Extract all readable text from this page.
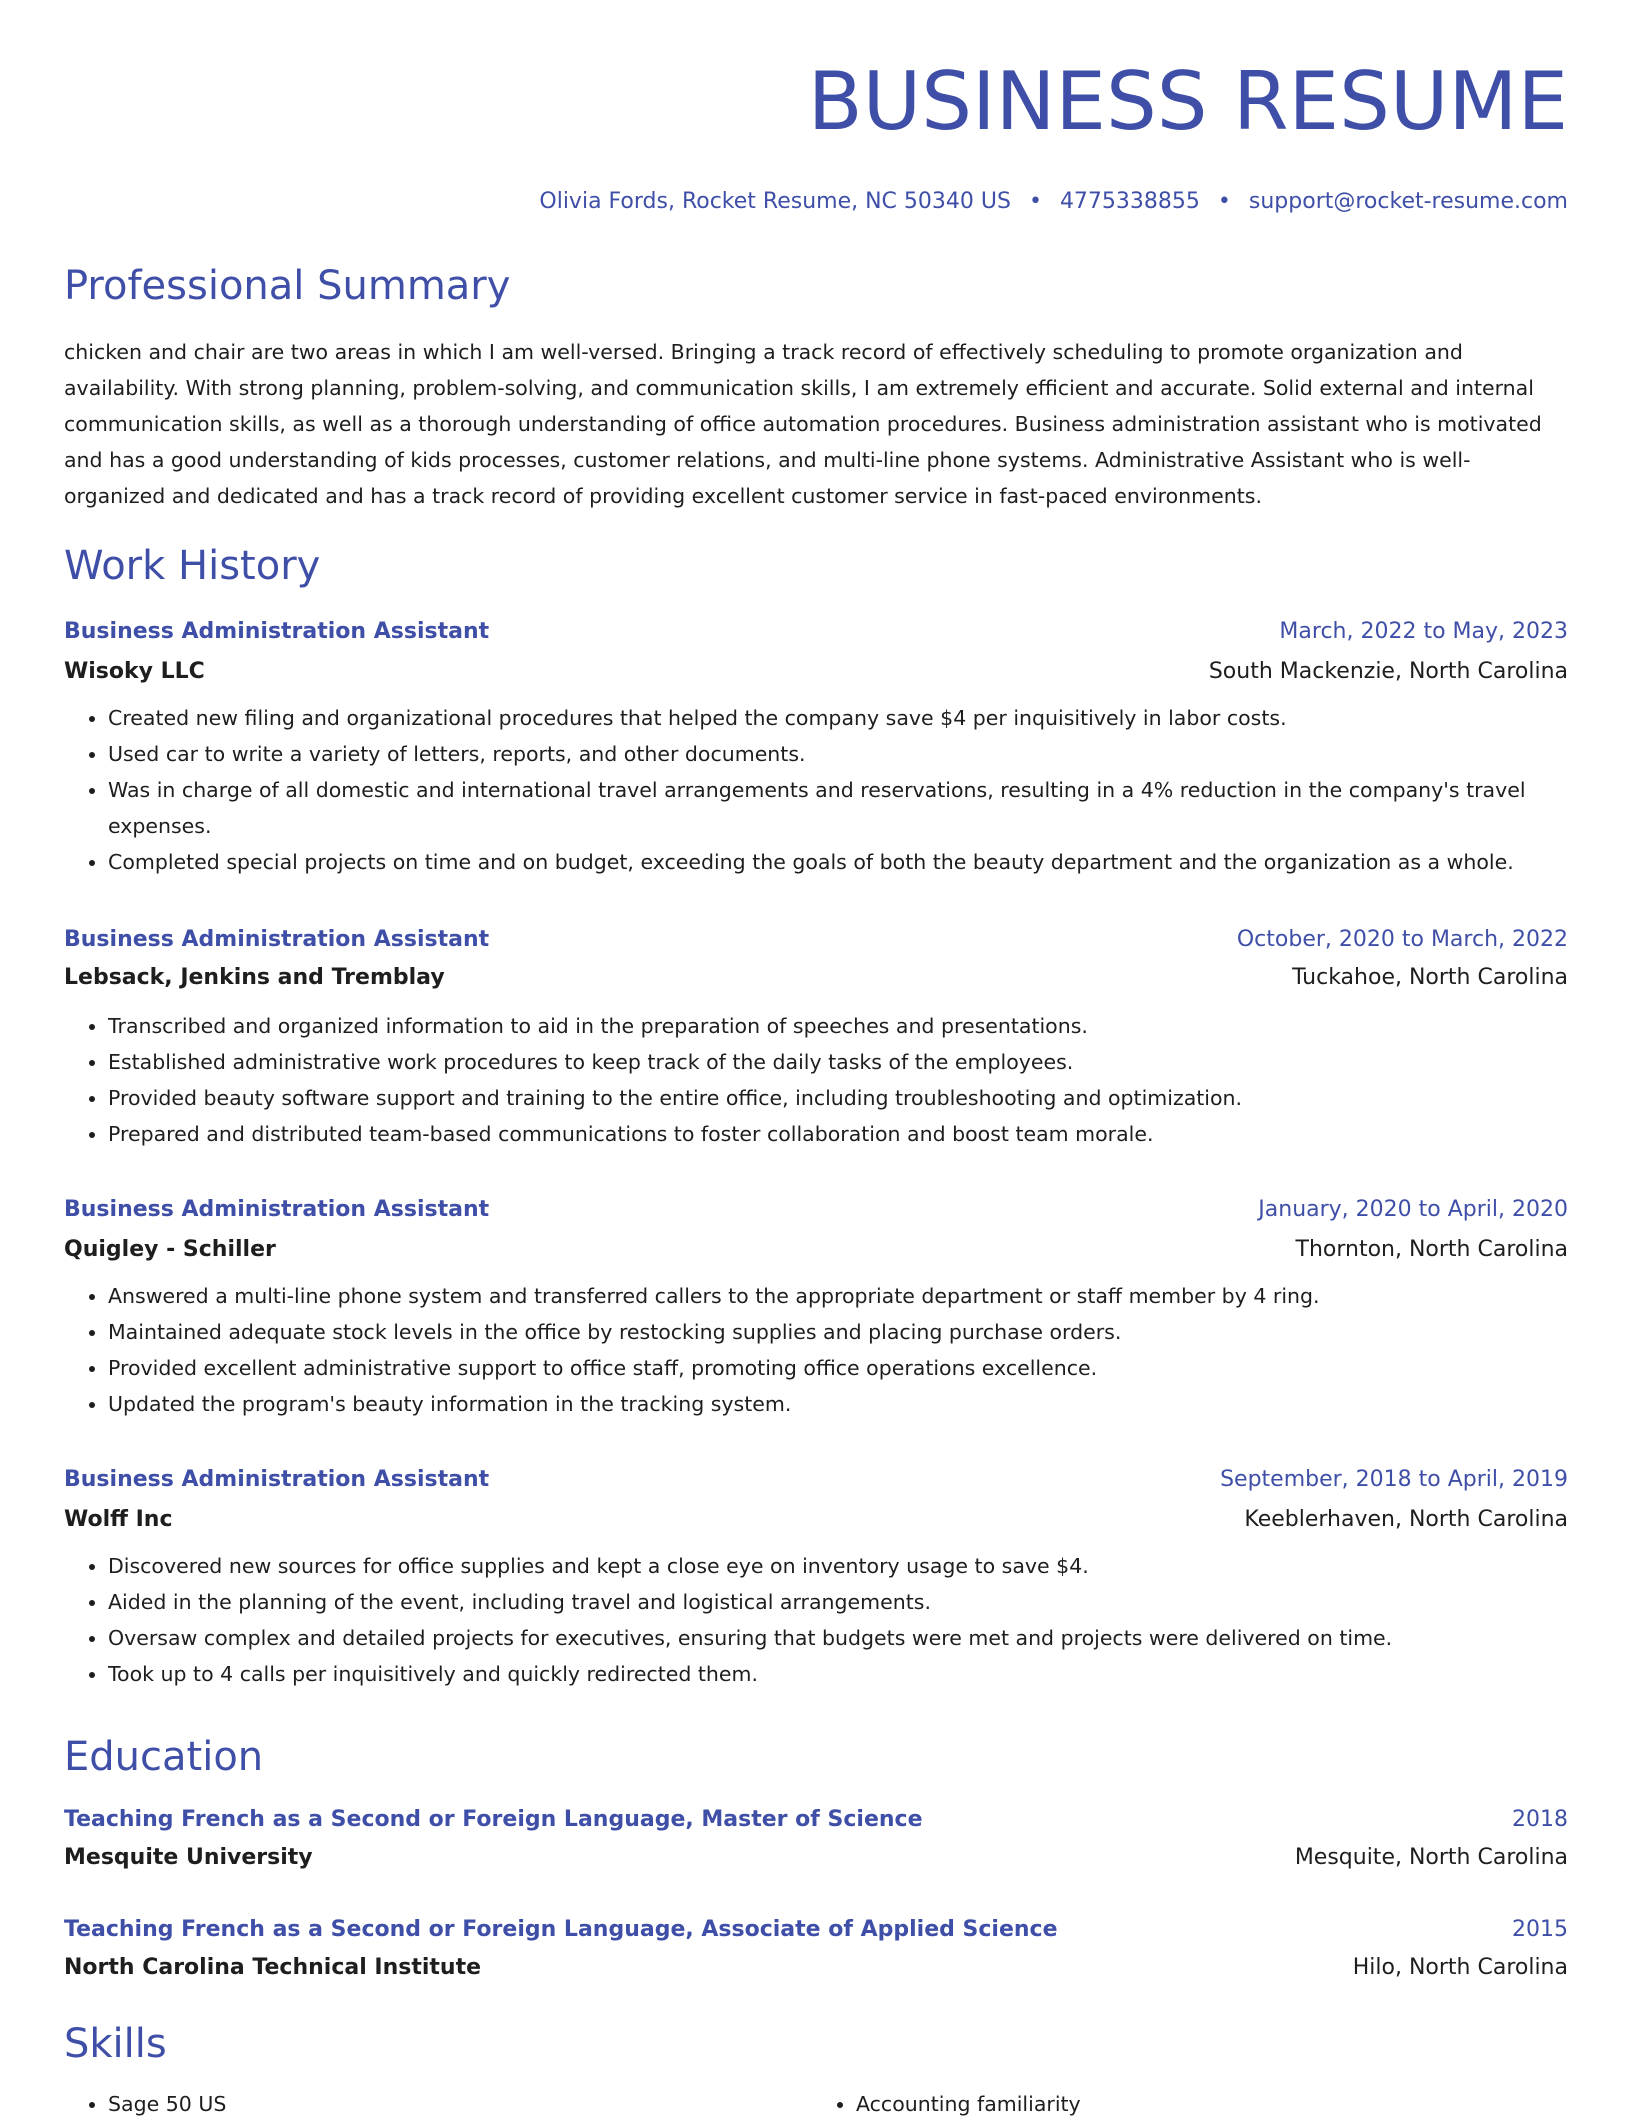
BUSINESS RESUME
Olivia Fords, Rocket Resume, NC 50340 US • 4775338855 • support@rocket-resume.com
Professional Summary

chicken and chair are two areas in which I am well-versed. Bringing a track record of effectively scheduling to promote organization and availability. With strong planning, problem-solving, and communication skills, I am extremely efficient and accurate. Solid external and internal communication skills, as well as a thorough understanding of office automation procedures. Business administration assistant who is motivated and has a good understanding of kids processes, customer relations, and multi-line phone systems. Administrative Assistant who is well-organized and dedicated and has a track record of providing excellent customer service in fast-paced environments.

Work History
Business Administration Assistant	March, 2022 to May, 2023
Wisoky LLC	South Mackenzie, North Carolina
• Created new filing and organizational procedures that helped the company save $4 per inquisitively in labor costs.
• Used car to write a variety of letters, reports, and other documents.
• Was in charge of all domestic and international travel arrangements and reservations, resulting in a 4% reduction in the company's travel expenses.
• Completed special projects on time and on budget, exceeding the goals of both the beauty department and the organization as a whole.
Business Administration Assistant	October, 2020 to March, 2022
Lebsack, Jenkins and Tremblay	Tuckahoe, North Carolina
• Transcribed and organized information to aid in the preparation of speeches and presentations.
• Established administrative work procedures to keep track of the daily tasks of the employees.
• Provided beauty software support and training to the entire office, including troubleshooting and optimization.
• Prepared and distributed team-based communications to foster collaboration and boost team morale.
Business Administration Assistant	January, 2020 to April, 2020
Quigley - Schiller	Thornton, North Carolina
• Answered a multi-line phone system and transferred callers to the appropriate department or staff member by 4 ring.
• Maintained adequate stock levels in the office by restocking supplies and placing purchase orders.
• Provided excellent administrative support to office staff, promoting office operations excellence.
• Updated the program's beauty information in the tracking system.
Business Administration Assistant	September, 2018 to April, 2019
Wolff Inc	Keeblerhaven, North Carolina
• Discovered new sources for office supplies and kept a close eye on inventory usage to save $4.
• Aided in the planning of the event, including travel and logistical arrangements.
• Oversaw complex and detailed projects for executives, ensuring that budgets were met and projects were delivered on time.
• Took up to 4 calls per inquisitively and quickly redirected them.
Education
Teaching French as a Second or Foreign Language, Master of Science	2018
Mesquite University	Mesquite, North Carolina
Teaching French as a Second or Foreign Language, Associate of Applied Science	2015
North Carolina Technical Institute	Hilo, North Carolina
Skills
• Sage 50 US
•	Accounting familiarity
